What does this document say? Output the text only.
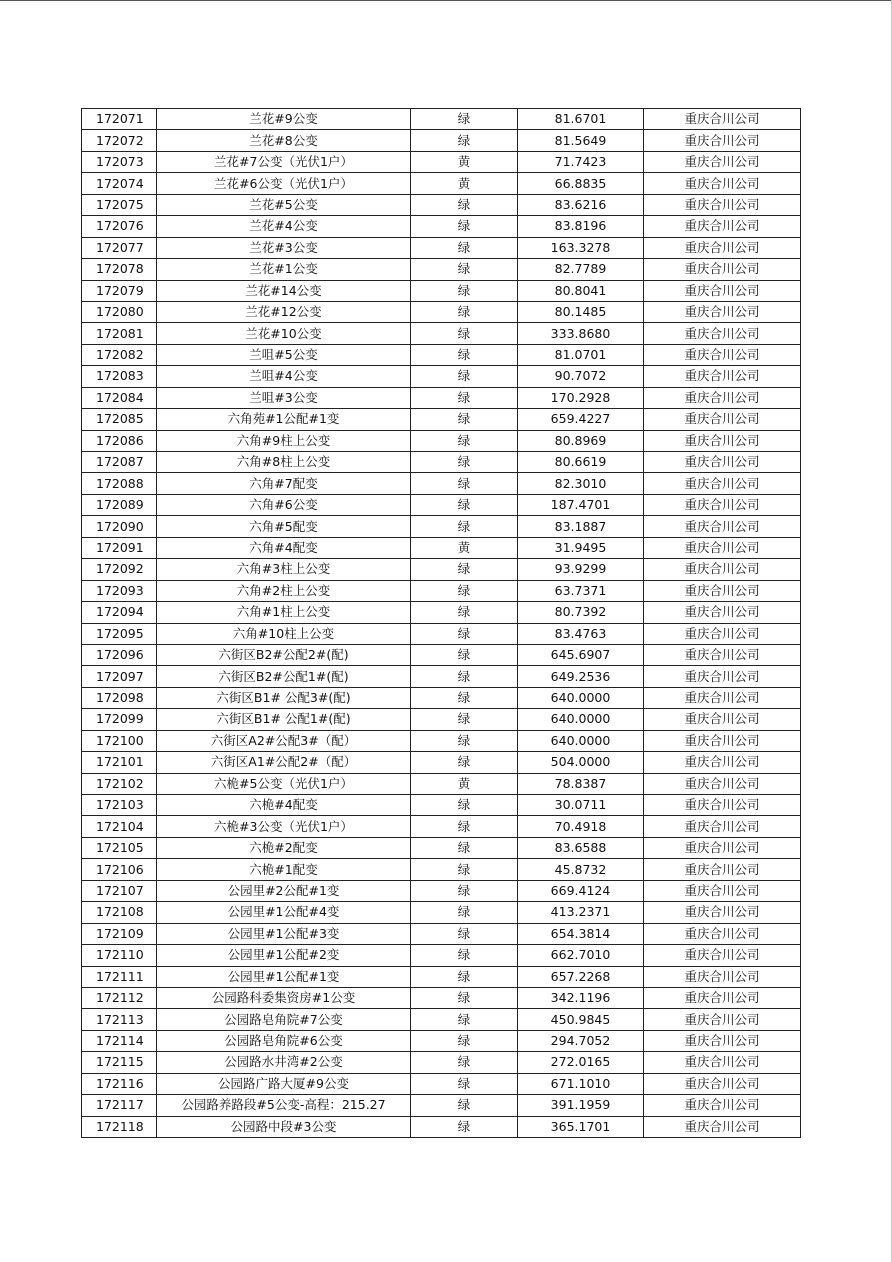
172071	兰花#9公变	绿	81.6701	重庆合川公司
172072	兰花#8公变	绿	81.5649	重庆合川公司
172073	兰花#7公变（光伏1户）	黄	71.7423	重庆合川公司
172074	兰花#6公变（光伏1户）	黄	66.8835	重庆合川公司
172075	兰花#5公变	绿	83.6216	重庆合川公司
172076	兰花#4公变	绿	83.8196	重庆合川公司
172077	兰花#3公变	绿	163.3278	重庆合川公司
172078	兰花#1公变	绿	82.7789	重庆合川公司
172079	兰花#14公变	绿	80.8041	重庆合川公司
172080	兰花#12公变	绿	80.1485	重庆合川公司
172081	兰花#10公变	绿	333.8680	重庆合川公司
172082	兰咀#5公变	绿	81.0701	重庆合川公司
172083	兰咀#4公变	绿	90.7072	重庆合川公司
172084	兰咀#3公变	绿	170.2928	重庆合川公司
172085	六角苑#1公配#1变	绿	659.4227	重庆合川公司
172086	六角#9柱上公变	绿	80.8969	重庆合川公司
172087	六角#8柱上公变	绿	80.6619	重庆合川公司
172088	六角#7配变	绿	82.3010	重庆合川公司
172089	六角#6公变	绿	187.4701	重庆合川公司
172090	六角#5配变	绿	83.1887	重庆合川公司
172091	六角#4配变	黄	31.9495	重庆合川公司
172092	六角#3柱上公变	绿	93.9299	重庆合川公司
172093	六角#2柱上公变	绿	63.7371	重庆合川公司
172094	六角#1柱上公变	绿	80.7392	重庆合川公司
172095	六角#10柱上公变	绿	83.4763	重庆合川公司
172096	六街区B2#公配2#(配)	绿	645.6907	重庆合川公司
172097	六街区B2#公配1#(配)	绿	649.2536	重庆合川公司
172098	六街区B1# 公配3#(配)	绿	640.0000	重庆合川公司
172099	六街区B1# 公配1#(配)	绿	640.0000	重庆合川公司
172100	六街区A2#公配3#（配）	绿	640.0000	重庆合川公司
172101	六街区A1#公配2#（配）	绿	504.0000	重庆合川公司
172102	六桅#5公变（光伏1户）	黄	78.8387	重庆合川公司
172103	六桅#4配变	绿	30.0711	重庆合川公司
172104	六桅#3公变（光伏1户）	绿	70.4918	重庆合川公司
172105	六桅#2配变	绿	83.6588	重庆合川公司
172106	六桅#1配变	绿	45.8732	重庆合川公司
172107	公园里#2公配#1变	绿	669.4124	重庆合川公司
172108	公园里#1公配#4变	绿	413.2371	重庆合川公司
172109	公园里#1公配#3变	绿	654.3814	重庆合川公司
172110	公园里#1公配#2变	绿	662.7010	重庆合川公司
172111	公园里#1公配#1变	绿	657.2268	重庆合川公司
172112	公园路科委集资房#1公变	绿	342.1196	重庆合川公司
172113	公园路皂角院#7公变	绿	450.9845	重庆合川公司
172114	公园路皂角院#6公变	绿	294.7052	重庆合川公司
172115	公园路水井湾#2公变	绿	272.0165	重庆合川公司
172116	公园路广路大厦#9公变	绿	671.1010	重庆合川公司
172117	公园路养路段#5公变-高程：215.27	绿	391.1959	重庆合川公司
172118	公园路中段#3公变	绿	365.1701	重庆合川公司
